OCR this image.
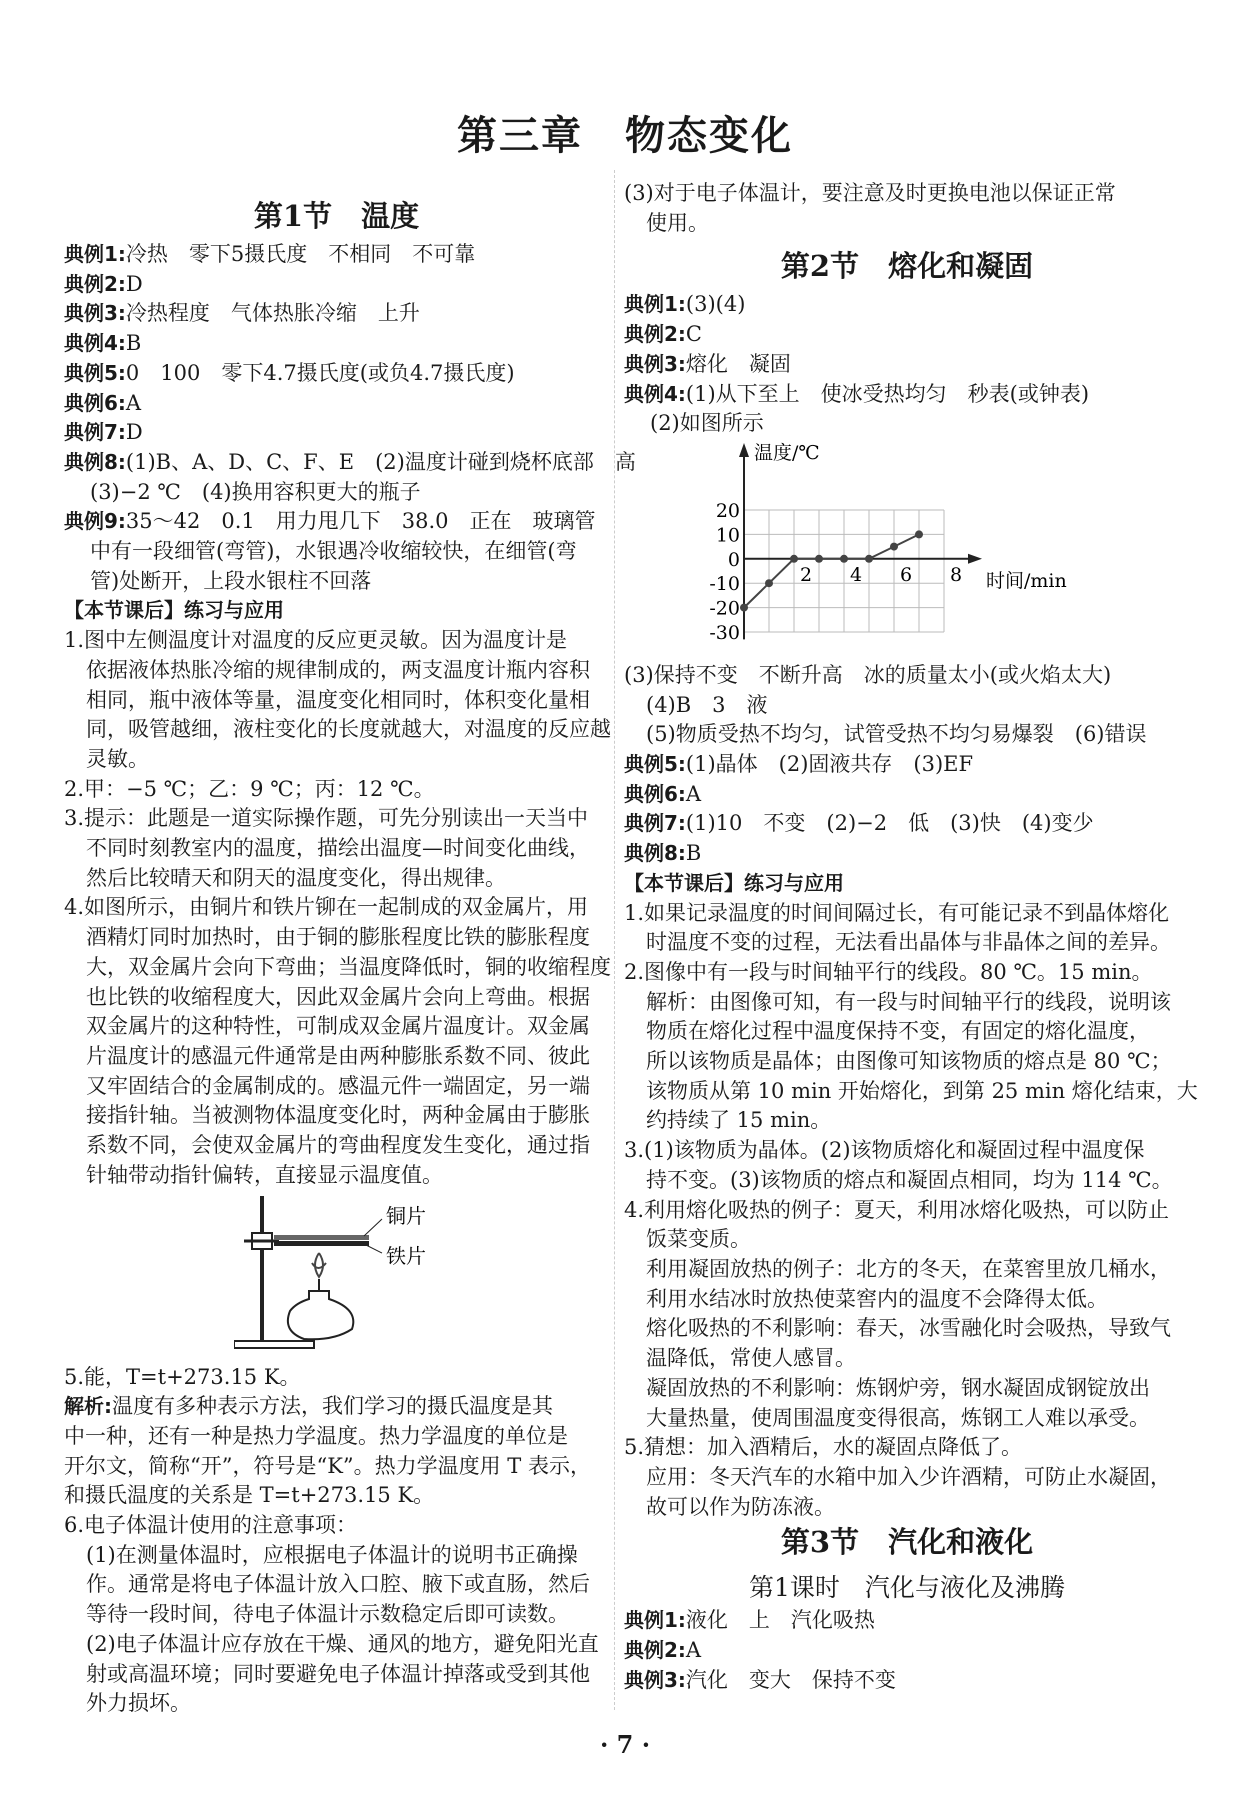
第三章　物态变化
第1节　温度
典例1:冷热　零下5摄氏度　不相同　不可靠
典例2:D
典例3:冷热程度　气体热胀冷缩　上升
典例4:B
典例5:0　100　零下4.7摄氏度(或负4.7摄氏度)
典例6:A
典例7:D
典例8:(1)B、A、D、C、F、E　(2)温度计碰到烧杯底部　高
(3)−2 ℃　(4)换用容积更大的瓶子
典例9:35～42　0.1　用力甩几下　38.0　正在　玻璃管
中有一段细管(弯管)，水银遇冷收缩较快，在细管(弯
管)处断开，上段水银柱不回落
【本节课后】练习与应用
1.图中左侧温度计对温度的反应更灵敏。因为温度计是
依据液体热胀冷缩的规律制成的，两支温度计瓶内容积
相同，瓶中液体等量，温度变化相同时，体积变化量相
同，吸管越细，液柱变化的长度就越大，对温度的反应越
灵敏。
2.甲：−5 ℃；乙：9 ℃；丙：12 ℃。
3.提示：此题是一道实际操作题，可先分别读出一天当中
不同时刻教室内的温度，描绘出温度—时间变化曲线，
然后比较晴天和阴天的温度变化，得出规律。
4.如图所示，由铜片和铁片铆在一起制成的双金属片，用
酒精灯同时加热时，由于铜的膨胀程度比铁的膨胀程度
大，双金属片会向下弯曲；当温度降低时，铜的收缩程度
也比铁的收缩程度大，因此双金属片会向上弯曲。根据
双金属片的这种特性，可制成双金属片温度计。双金属
片温度计的感温元件通常是由两种膨胀系数不同、彼此
又牢固结合的金属制成的。感温元件一端固定，另一端
接指针轴。当被测物体温度变化时，两种金属由于膨胀
系数不同，会使双金属片的弯曲程度发生变化，通过指
针轴带动指针偏转，直接显示温度值。
铜片
铁片
5.能，T=t+273.15 K。
解析:温度有多种表示方法，我们学习的摄氏温度是其
中一种，还有一种是热力学温度。热力学温度的单位是
开尔文，简称“开”，符号是“K”。热力学温度用 T 表示，
和摄氏温度的关系是 T=t+273.15 K。
6.电子体温计使用的注意事项：
(1)在测量体温时，应根据电子体温计的说明书正确操
作。通常是将电子体温计放入口腔、腋下或直肠，然后
等待一段时间，待电子体温计示数稳定后即可读数。
(2)电子体温计应存放在干燥、通风的地方，避免阳光直
射或高温环境；同时要避免电子体温计掉落或受到其他
外力损坏。
(3)对于电子体温计，要注意及时更换电池以保证正常
使用。
第2节　熔化和凝固
典例1:(3)(4)
典例2:C
典例3:熔化　凝固
典例4:(1)从下至上　使冰受热均匀　秒表(或钟表)
(2)如图所示
20
10
0
-10
-20
-30
2 4 6 8
温度/℃
时间/min
(3)保持不变　不断升高　冰的质量太小(或火焰太大)
(4)B　3　液
(5)物质受热不均匀，试管受热不均匀易爆裂　(6)错误
典例5:(1)晶体　(2)固液共存　(3)EF
典例6:A
典例7:(1)10　不变　(2)−2　低　(3)快　(4)变少
典例8:B
【本节课后】练习与应用
1.如果记录温度的时间间隔过长，有可能记录不到晶体熔化
时温度不变的过程，无法看出晶体与非晶体之间的差异。
2.图像中有一段与时间轴平行的线段。80 ℃。15 min。
解析：由图像可知，有一段与时间轴平行的线段，说明该
物质在熔化过程中温度保持不变，有固定的熔化温度，
所以该物质是晶体；由图像可知该物质的熔点是 80 ℃；
该物质从第 10 min 开始熔化，到第 25 min 熔化结束，大
约持续了 15 min。
3.(1)该物质为晶体。(2)该物质熔化和凝固过程中温度保
持不变。(3)该物质的熔点和凝固点相同，均为 114 ℃。
4.利用熔化吸热的例子：夏天，利用冰熔化吸热，可以防止
饭菜变质。
利用凝固放热的例子：北方的冬天，在菜窖里放几桶水，
利用水结冰时放热使菜窖内的温度不会降得太低。
熔化吸热的不利影响：春天，冰雪融化时会吸热，导致气
温降低，常使人感冒。
凝固放热的不利影响：炼钢炉旁，钢水凝固成钢锭放出
大量热量，使周围温度变得很高，炼钢工人难以承受。
5.猜想：加入酒精后，水的凝固点降低了。
应用：冬天汽车的水箱中加入少许酒精，可防止水凝固，
故可以作为防冻液。
第3节　汽化和液化
第1课时　汽化与液化及沸腾
典例1:液化　上　汽化吸热
典例2:A
典例3:汽化　变大　保持不变
· 7 ·
